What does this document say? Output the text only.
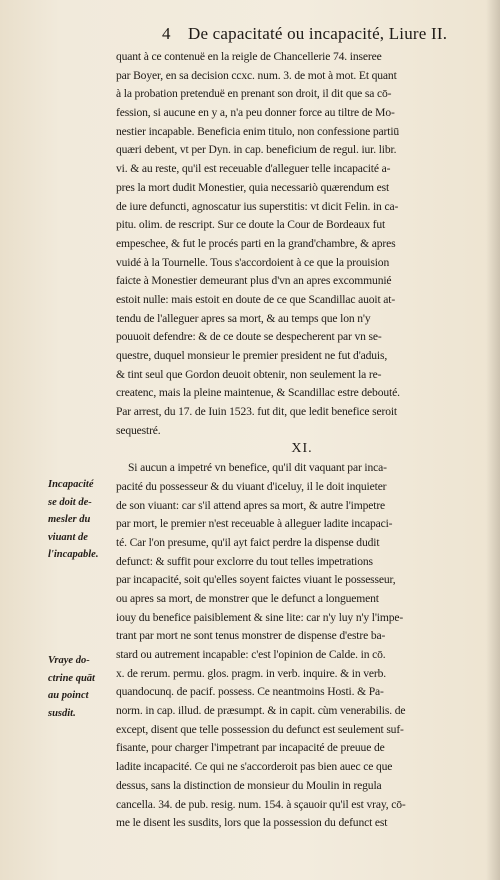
4 De capacitaté ou incapacité, Liure II.
quant à ce contenuë en la reigle de Chancellerie 74. inseree
par Boyer, en sa decision ccxc. num. 3. de mot à mot. Et quant
à la probation pretenduë en prenant son droit, il dit que sa cō-
fession, si aucune en y a, n'a peu donner force au tiltre de Mo-
nestier incapable. Beneficia enim titulo, non confessione partiū
quæri debent, vt per Dyn. in cap. beneficium de regul. iur. libr.
vi. & au reste, qu'il est receuable d'alleguer telle incapacité a-
pres la mort dudit Monestier, quia necessariò quærendum est
de iure defuncti, agnoscatur ius superstitis: vt dicit Felin. in ca-
pitu. olim. de rescript. Sur ce doute la Cour de Bordeaux fut
empeschee, & fut le procés parti en la grand'chambre, & apres
vuidé à la Tournelle. Tous s'accordoient à ce que la prouision
faicte à Monestier demeurant plus d'vn an apres excommunié
estoit nulle: mais estoit en doute de ce que Scandillac auoit at-
tendu de l'alleguer apres sa mort, & au temps que lon n'y
pouuoit defendre: & de ce doute se despecherent par vn se-
questre, duquel monsieur le premier president ne fut d'aduis,
& tint seul que Gordon deuoit obtenir, non seulement la re-
createnc, mais la pleine maintenue, & Scandillac estre debouté.
Par arrest, du 17. de Iuin 1523. fut dit, que ledit benefice seroit
sequestré.
XI.
Si aucun a impetré vn benefice, qu'il dit vaquant par inca-
pacité du possesseur & du viuant d'iceluy, il le doit inquieter
de son viuant: car s'il attend apres sa mort, & autre l'impetre
par mort, le premier n'est receuable à alleguer ladite incapaci-
té. Car l'on presume, qu'il ayt faict perdre la dispense dudit
defunct: & suffit pour exclorre du tout telles impetrations
par incapacité, soit qu'elles soyent faictes viuant le possesseur,
ou apres sa mort, de monstrer que le defunct a longuement
iouy du benefice paisiblement & sine lite: car n'y luy n'y l'impe-
trant par mort ne sont tenus monstrer de dispense d'estre ba-
stard ou autrement incapable: c'est l'opinion de Calde. in cō.
x. de rerum. permu. glos. pragm. in verb. inquire. & in verb.
quandocunq. de pacif. possess. Ce neantmoins Hosti. & Pa-
norm. in cap. illud. de præsumpt. & in capit. cùm venerabilis. de
except, disent que telle possession du defunct est seulement suf-
fisante, pour charger l'impetrant par incapacité de preuue de
ladite incapacité. Ce qui ne s'accorderoit pas bien auec ce que
dessus, sans la distinction de monsieur du Moulin in regula
cancella. 34. de pub. resig. num. 154. à sçauoir qu'il est vray, cō-
me le disent les susdits, lors que la possession du defunct est
Incapacité
se doit de-
mesler du
viuant de
l'incapable.
Vraye do-
ctrine quāt
au poinct
susdit.
